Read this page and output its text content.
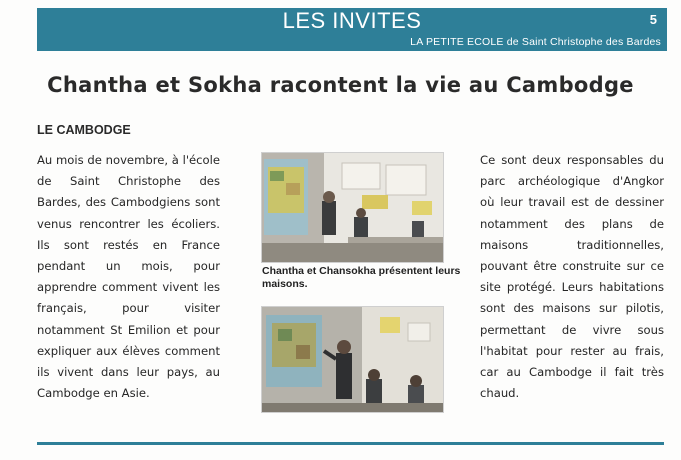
LES INVITES	5
LA PETITE ECOLE de Saint Christophe des Bardes
Chantha et Sokha racontent la vie au Cambodge
LE CAMBODGE
Au mois de novembre, à l'école de Saint Christophe des Bardes, des Cambodgiens sont venus rencontrer les écoliers. Ils sont restés en France pendant un mois, pour apprendre comment vivent les français, pour visiter notamment St Emilion et pour expliquer aux élèves comment ils vivent dans leur pays, au Cambodge en Asie.
Chantha et Chansokha présentent leurs maisons.
Ce sont deux responsables du parc archéologique d'Angkor où leur travail est de dessiner notamment des plans de maisons traditionnelles, pouvant être construite sur ce site protégé. Leurs habitations sont des maisons sur pilotis, permettant de vivre sous l'habitat pour rester au frais, car au Cambodge il fait très chaud.
